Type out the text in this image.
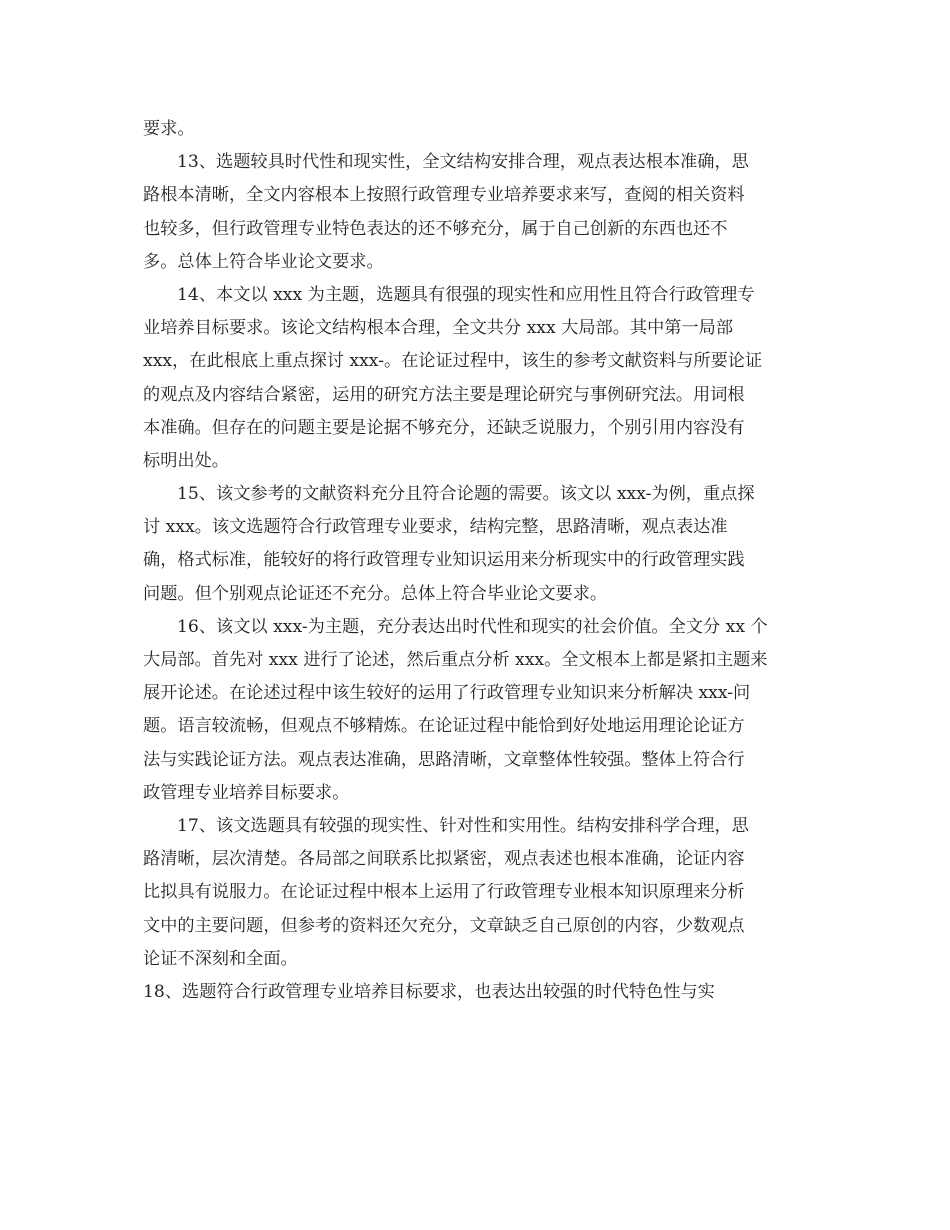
要求。
13、选题较具时代性和现实性，全文结构安排合理，观点表达根本准确，思
路根本清晰，全文内容根本上按照行政管理专业培养要求来写，查阅的相关资料
也较多，但行政管理专业特色表达的还不够充分，属于自己创新的东西也还不
多。总体上符合毕业论文要求。
14、本文以 xxx 为主题，选题具有很强的现实性和应用性且符合行政管理专
业培养目标要求。该论文结构根本合理，全文共分 xxx 大局部。其中第一局部
xxx，在此根底上重点探讨 xxx-。在论证过程中，该生的参考文献资料与所要论证
的观点及内容结合紧密，运用的研究方法主要是理论研究与事例研究法。用词根
本准确。但存在的问题主要是论据不够充分，还缺乏说服力，个别引用内容没有
标明出处。
15、该文参考的文献资料充分且符合论题的需要。该文以 xxx-为例，重点探
讨 xxx。该文选题符合行政管理专业要求，结构完整，思路清晰，观点表达准
确，格式标准，能较好的将行政管理专业知识运用来分析现实中的行政管理实践
问题。但个别观点论证还不充分。总体上符合毕业论文要求。
16、该文以 xxx-为主题，充分表达出时代性和现实的社会价值。全文分 xx 个
大局部。首先对 xxx 进行了论述，然后重点分析 xxx。全文根本上都是紧扣主题来
展开论述。在论述过程中该生较好的运用了行政管理专业知识来分析解决 xxx-问
题。语言较流畅，但观点不够精炼。在论证过程中能恰到好处地运用理论论证方
法与实践论证方法。观点表达准确，思路清晰，文章整体性较强。整体上符合行
政管理专业培养目标要求。
17、该文选题具有较强的现实性、针对性和实用性。结构安排科学合理，思
路清晰，层次清楚。各局部之间联系比拟紧密，观点表述也根本准确，论证内容
比拟具有说服力。在论证过程中根本上运用了行政管理专业根本知识原理来分析
文中的主要问题，但参考的资料还欠充分，文章缺乏自己原创的内容，少数观点
论证不深刻和全面。
18、选题符合行政管理专业培养目标要求，也表达出较强的时代特色性与实
